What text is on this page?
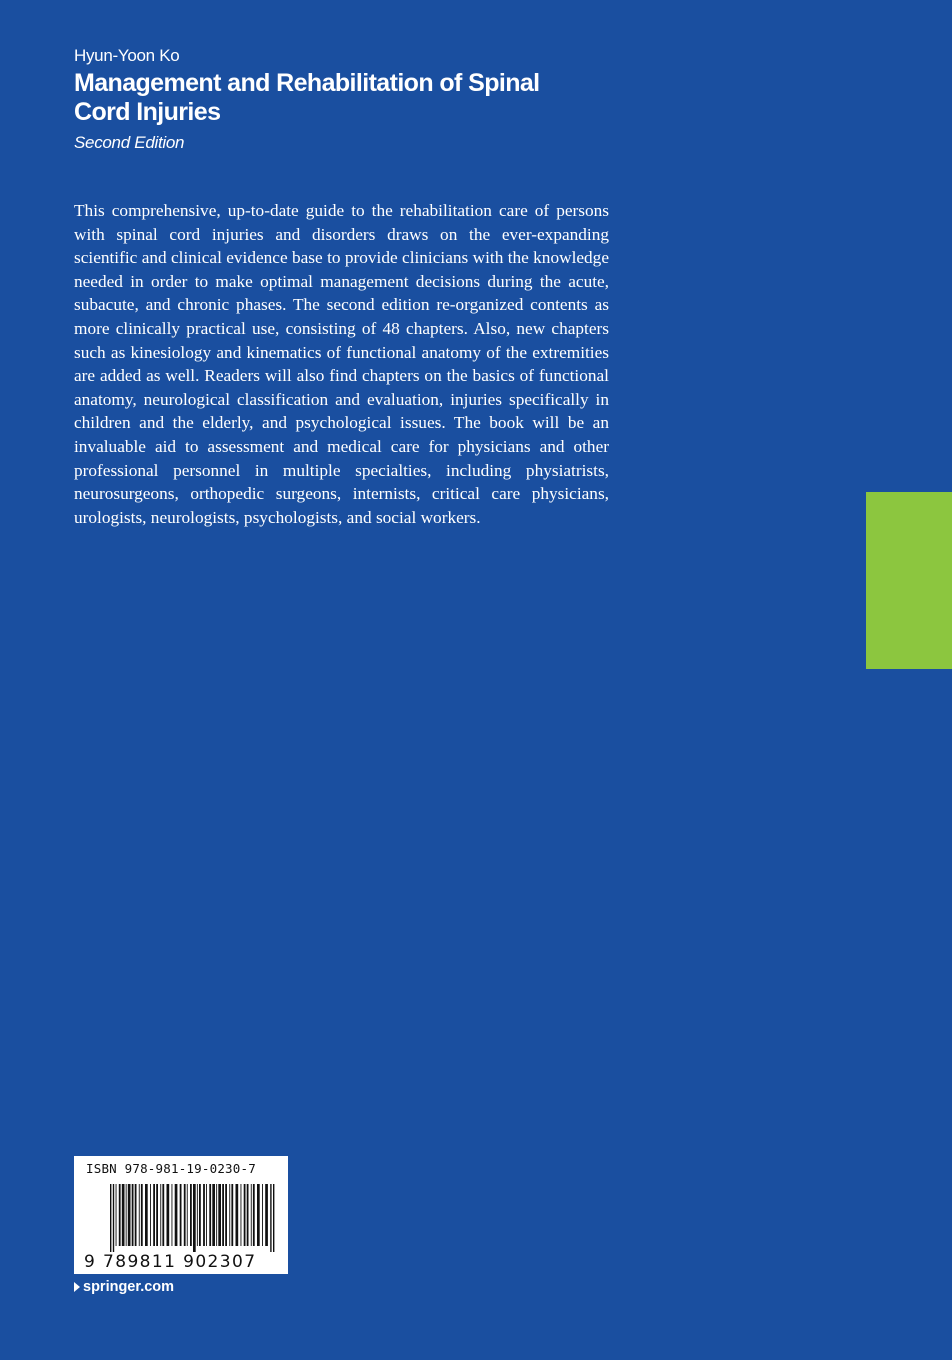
Hyun-Yoon Ko
Management and Rehabilitation of Spinal Cord Injuries
Second Edition

This comprehensive, up-to-date guide to the rehabilitation care of persons with spinal cord injuries and disorders draws on the ever-expanding scientific and clinical evidence base to provide clinicians with the knowledge needed in order to make optimal management decisions during the acute, subacute, and chronic phases. The second edition re-organized contents as more clinically practical use, consisting of 48 chapters. Also, new chapters such as kinesiology and kinematics of functional anatomy of the extremities are added as well. Readers will also find chapters on the basics of functional anatomy, neurological classification and evaluation, injuries specifically in children and the elderly, and psychological issues. The book will be an invaluable aid to assessment and medical care for physicians and other professional personnel in multiple specialties, including physiatrists, neurosurgeons, orthopedic surgeons, internists, critical care physicians, urologists, neurologists, psychologists, and social workers.

ISBN 978-981-19-0230-7
9 789811 902307
springer.com
